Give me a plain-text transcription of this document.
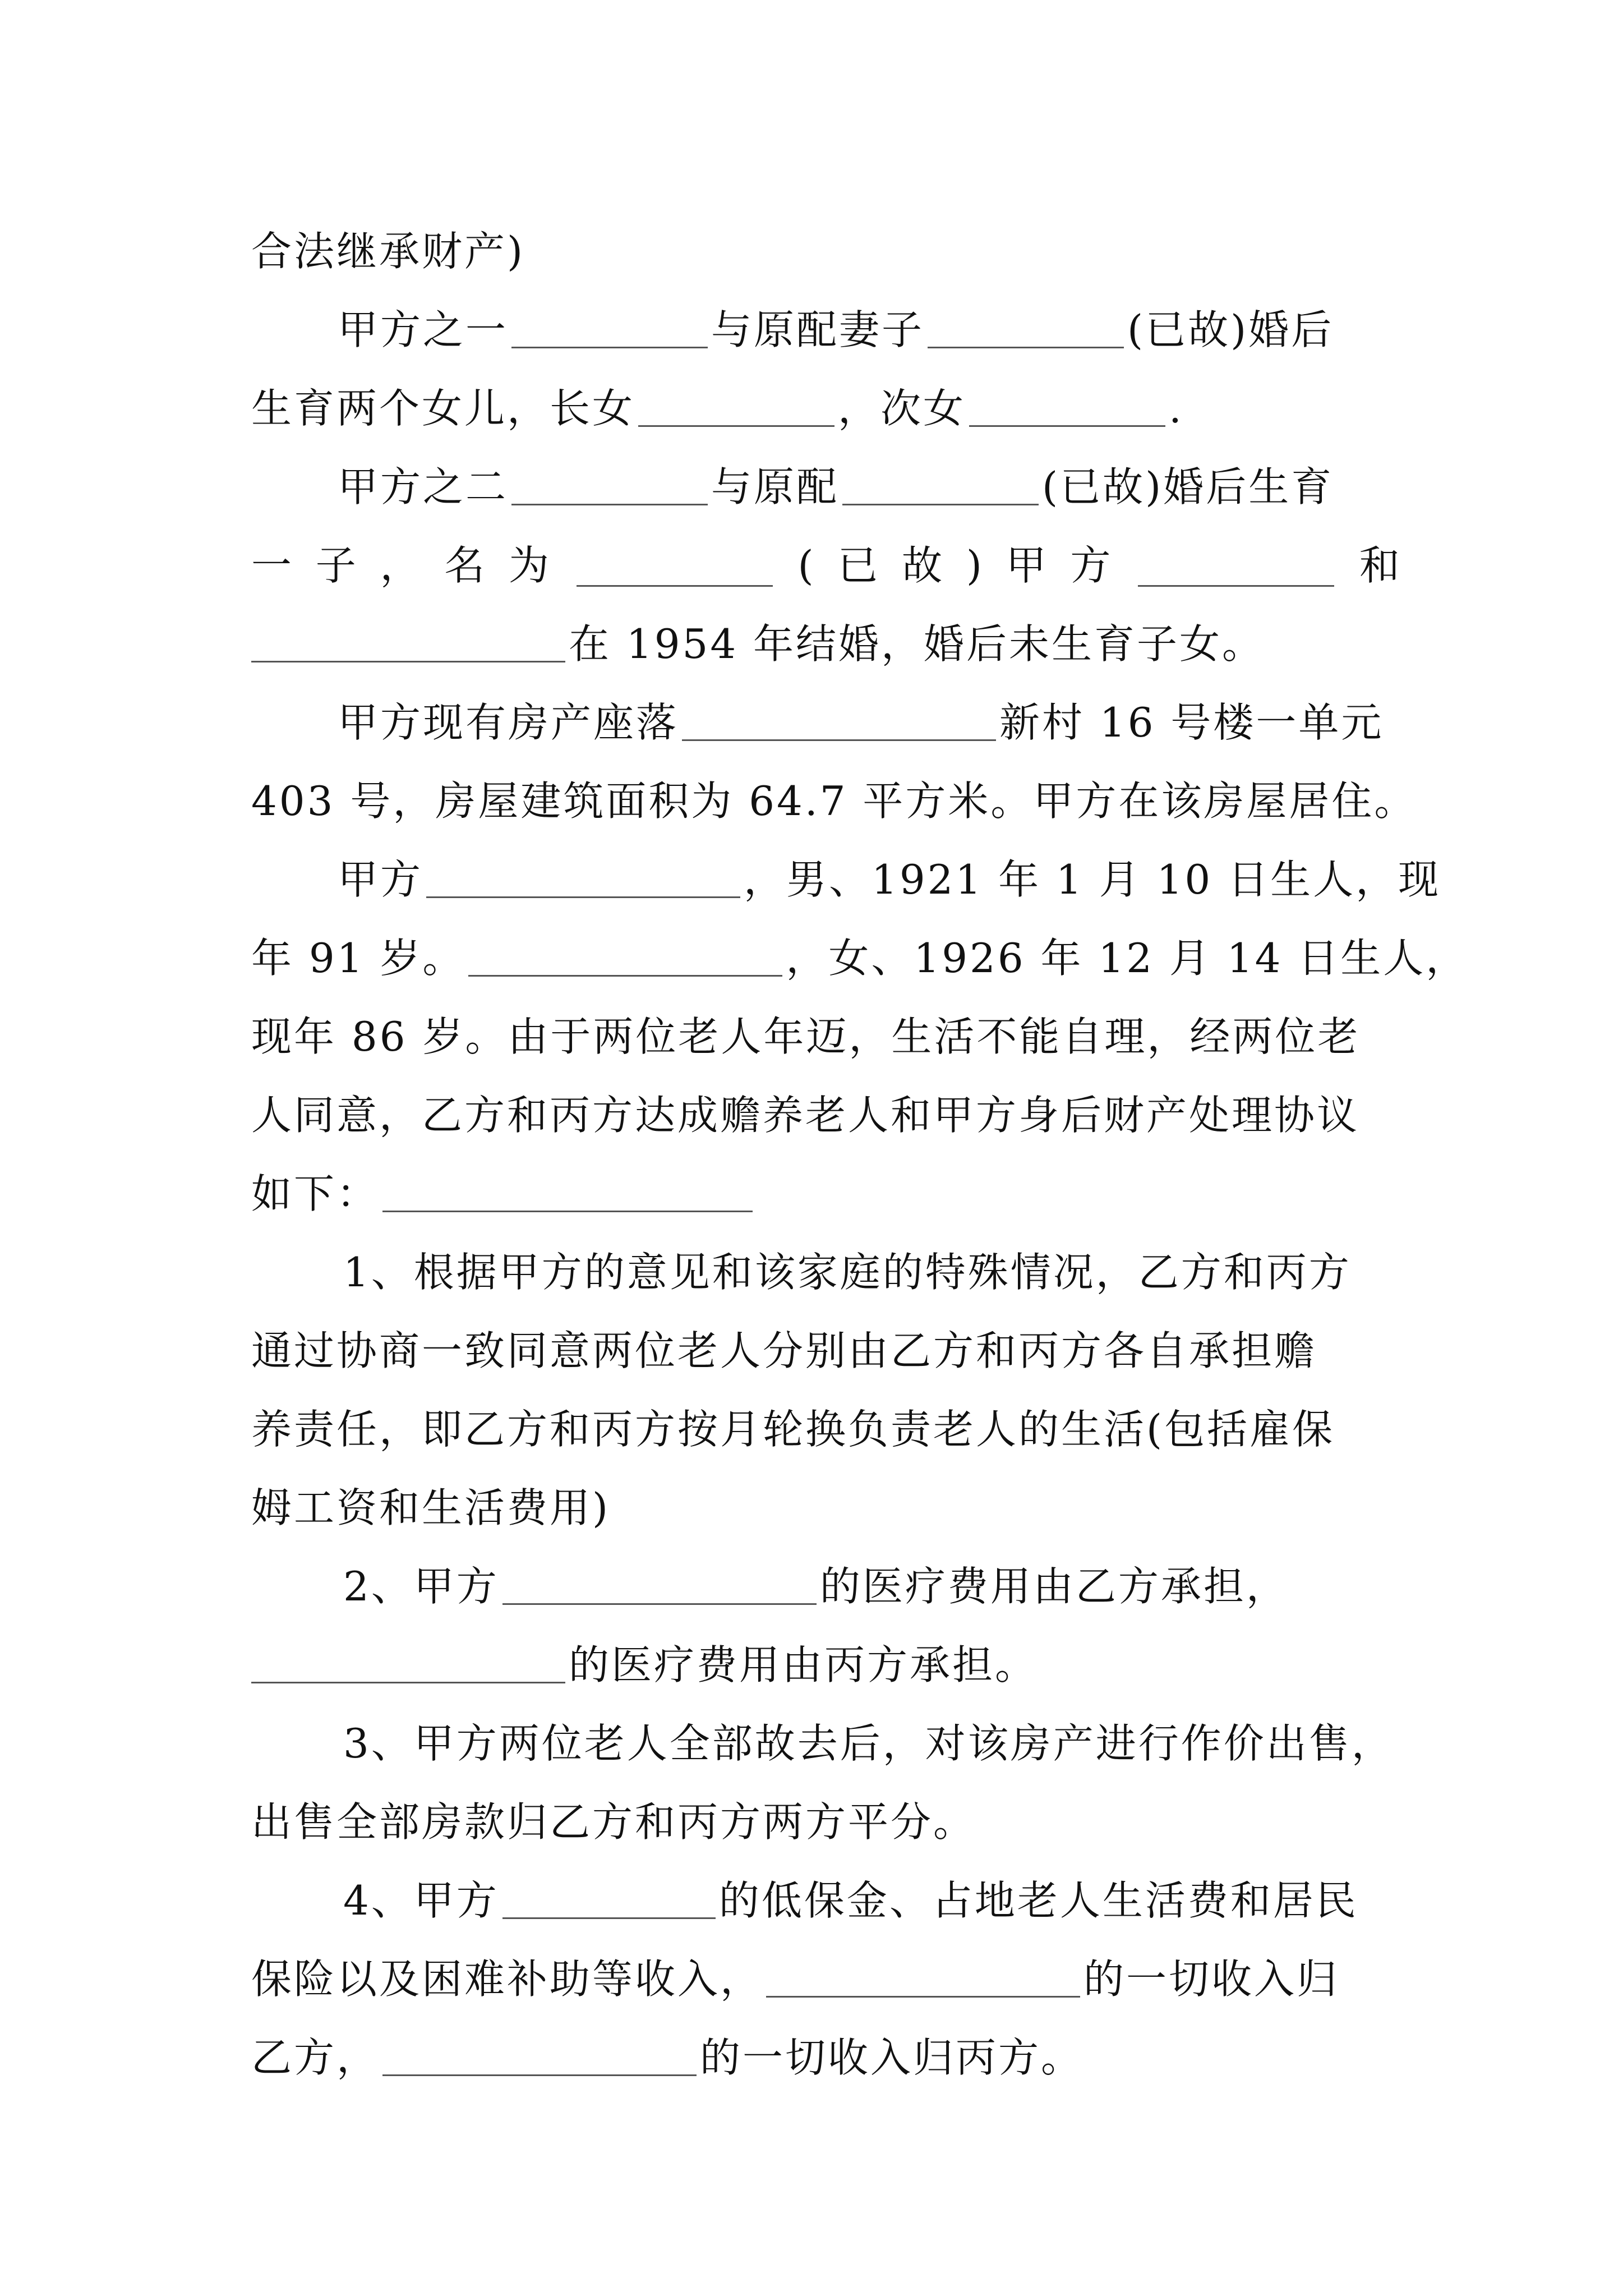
合法继承财产)
甲方之一	与原配妻子	(已故)婚后
生育两个女儿，长女	，次女	.
甲方之二	与原配	(已故)婚后生育
一 子 ， 名 为	( 已 故 ) 甲 方	和
在 1954 年结婚，婚后未生育子女。
甲方现有房产座落	新村 16 号楼一单元
403 号，房屋建筑面积为 64.7 平方米。甲方在该房屋居住。
甲方	，男、1921 年 1 月 10 日生人，现
年 91 岁。	，女、1926 年 12 月 14 日生人，
现年 86 岁。由于两位老人年迈，生活不能自理，经两位老
人同意，乙方和丙方达成赡养老人和甲方身后财产处理协议
如下：
1、根据甲方的意见和该家庭的特殊情况，乙方和丙方
通过协商一致同意两位老人分别由乙方和丙方各自承担赡
养责任，即乙方和丙方按月轮换负责老人的生活(包括雇保
姆工资和生活费用)
2、甲方	的医疗费用由乙方承担，
的医疗费用由丙方承担。
3、甲方两位老人全部故去后，对该房产进行作价出售，
出售全部房款归乙方和丙方两方平分。
4、甲方	的低保金、占地老人生活费和居民
保险以及困难补助等收入，	的一切收入归
乙方，	的一切收入归丙方。
